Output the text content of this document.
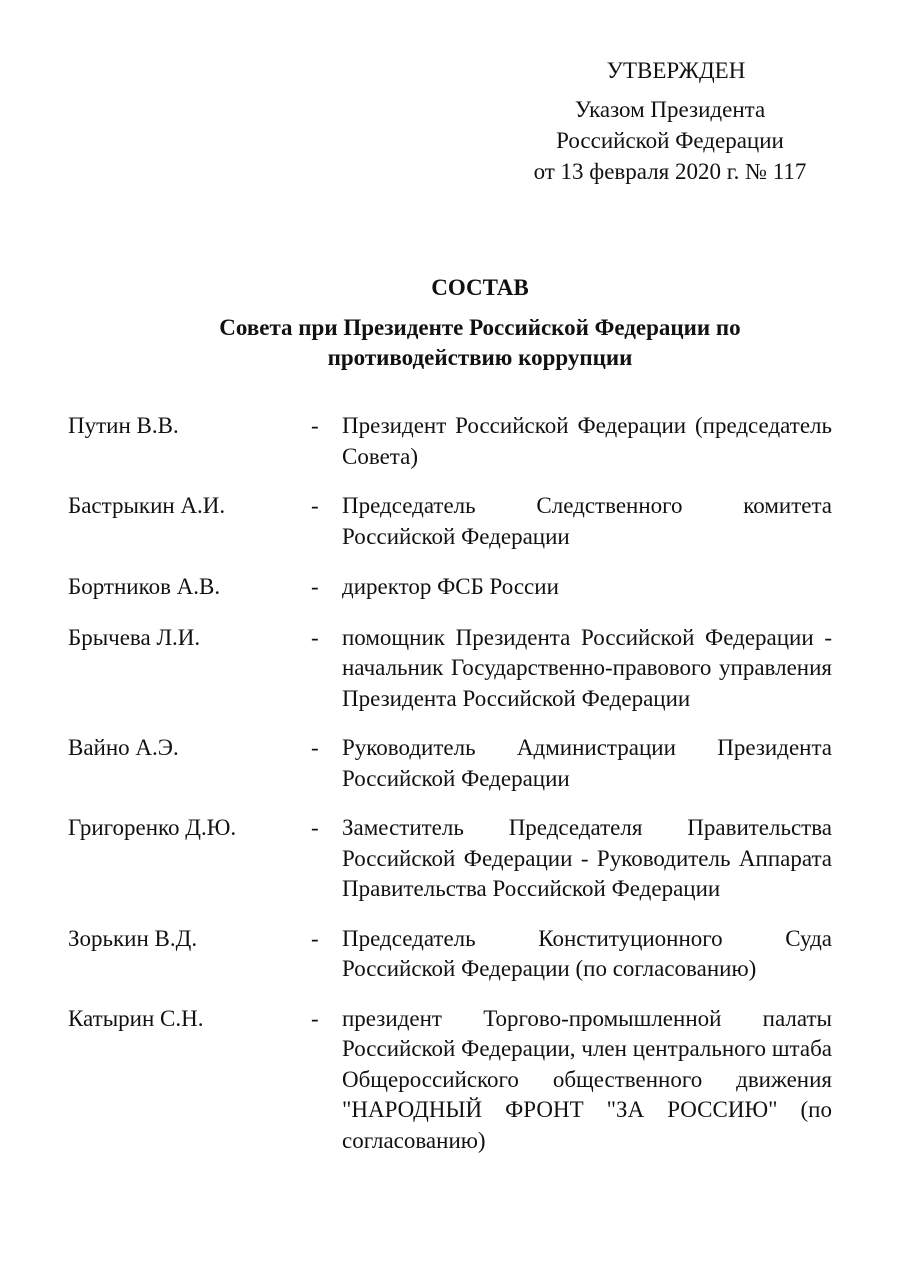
УТВЕРЖДЕН
Указом Президента
Российской Федерации
от 13 февраля 2020 г. № 117
СОСТАВ
Совета при Президенте Российской Федерации по противодействию коррупции
Путин В.В.	-	Президент Российской Федерации (председатель Совета)
Бастрыкин А.И.	-	Председатель Следственного комитета Российской Федерации
Бортников А.В.	-	директор ФСБ России
Брычева Л.И.	-	помощник Президента Российской Федерации - начальник Государственно-правового управления Президента Российской Федерации
Вайно А.Э.	-	Руководитель Администрации Президента Российской Федерации
Григоренко Д.Ю.	-	Заместитель Председателя Правительства Российской Федерации - Руководитель Аппарата Правительства Российской Федерации
Зорькин В.Д.	-	Председатель Конституционного Суда Российской Федерации (по согласованию)
Катырин С.Н.	-	президент Торгово-промышленной палаты Российской Федерации, член центрального штаба Общероссийского общественного движения "НАРОДНЫЙ ФРОНТ "ЗА РОССИЮ" (по согласованию)
